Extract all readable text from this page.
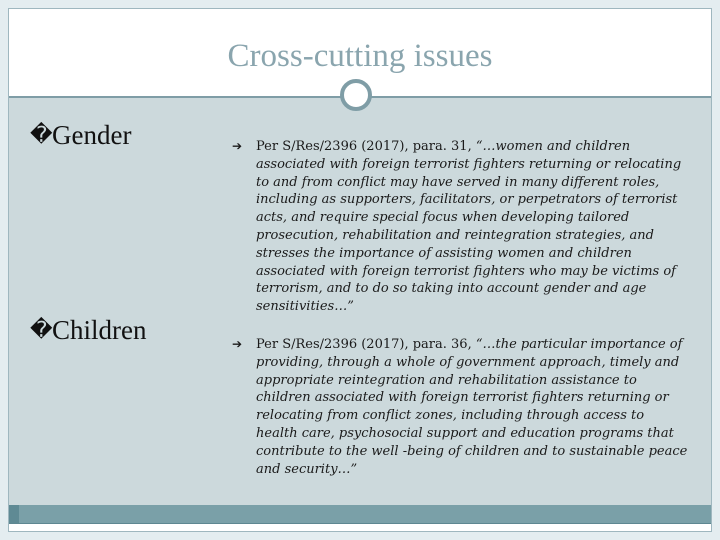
Cross-cutting issues
�Gender
�Children
➔ Per S/Res/2396 (2017), para. 31, “…women and children associated with foreign terrorist fighters returning or relocating to and from conflict may have served in many different roles, including as supporters, facilitators, or perpetrators of terrorist acts, and require special focus when developing tailored prosecution, rehabilitation and reintegration strategies, and stresses the importance of assisting women and children associated with foreign terrorist fighters who may be victims of terrorism, and to do so taking into account gender and age sensitivities…”
➔ Per S/Res/2396 (2017), para. 36, “…the particular importance of providing, through a whole of government approach, timely and appropriate reintegration and rehabilitation assistance to children associated with foreign terrorist fighters returning or relocating from conflict zones, including through access to health care, psychosocial support and education programs that contribute to the well -being of children and to sustainable peace and security…”
